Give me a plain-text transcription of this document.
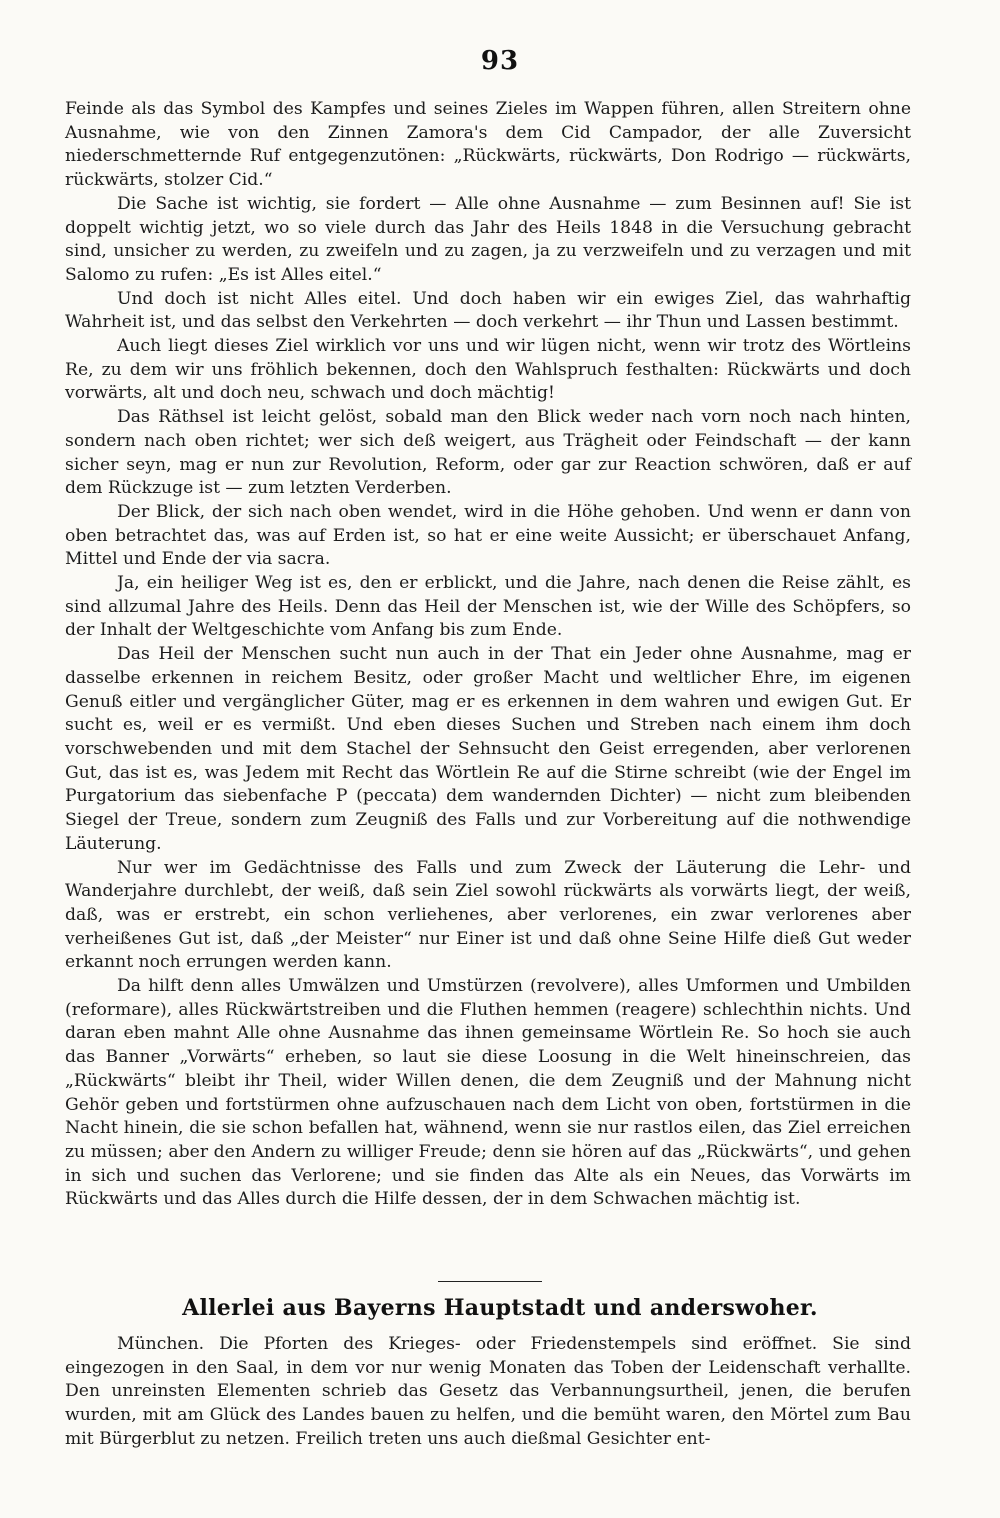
93

Feinde als das Symbol des Kampfes und seines Zieles im Wappen führen, allen Streitern ohne Ausnahme, wie von den Zinnen Zamora's dem Cid Campador, der alle Zuversicht niederschmetternde Ruf entgegenzutönen: „Rückwärts, rückwärts, Don Rodrigo — rückwärts, rückwärts, stolzer Cid.“

Die Sache ist wichtig, sie fordert — Alle ohne Ausnahme — zum Besinnen auf! Sie ist doppelt wichtig jetzt, wo so viele durch das Jahr des Heils 1848 in die Versuchung gebracht sind, unsicher zu werden, zu zweifeln und zu zagen, ja zu verzweifeln und zu verzagen und mit Salomo zu rufen: „Es ist Alles eitel.“

Und doch ist nicht Alles eitel. Und doch haben wir ein ewiges Ziel, das wahrhaftig Wahrheit ist, und das selbst den Verkehrten — doch verkehrt — ihr Thun und Lassen bestimmt.

Auch liegt dieses Ziel wirklich vor uns und wir lügen nicht, wenn wir trotz des Wörtleins Re, zu dem wir uns fröhlich bekennen, doch den Wahlspruch festhalten: Rückwärts und doch vorwärts, alt und doch neu, schwach und doch mächtig!

Das Räthsel ist leicht gelöst, sobald man den Blick weder nach vorn noch nach hinten, sondern nach oben richtet; wer sich deß weigert, aus Trägheit oder Feindschaft — der kann sicher seyn, mag er nun zur Revolution, Reform, oder gar zur Reaction schwören, daß er auf dem Rückzuge ist — zum letzten Verderben.

Der Blick, der sich nach oben wendet, wird in die Höhe gehoben. Und wenn er dann von oben betrachtet das, was auf Erden ist, so hat er eine weite Aussicht; er überschauet Anfang, Mittel und Ende der via sacra.

Ja, ein heiliger Weg ist es, den er erblickt, und die Jahre, nach denen die Reise zählt, es sind allzumal Jahre des Heils. Denn das Heil der Menschen ist, wie der Wille des Schöpfers, so der Inhalt der Weltgeschichte vom Anfang bis zum Ende.

Das Heil der Menschen sucht nun auch in der That ein Jeder ohne Ausnahme, mag er dasselbe erkennen in reichem Besitz, oder großer Macht und weltlicher Ehre, im eigenen Genuß eitler und vergänglicher Güter, mag er es erkennen in dem wahren und ewigen Gut. Er sucht es, weil er es vermißt. Und eben dieses Suchen und Streben nach einem ihm doch vorschwebenden und mit dem Stachel der Sehnsucht den Geist erregenden, aber verlorenen Gut, das ist es, was Jedem mit Recht das Wörtlein Re auf die Stirne schreibt (wie der Engel im Purgatorium das siebenfache P (peccata) dem wandernden Dichter) — nicht zum bleibenden Siegel der Treue, sondern zum Zeugniß des Falls und zur Vorbereitung auf die nothwendige Läuterung.

Nur wer im Gedächtnisse des Falls und zum Zweck der Läuterung die Lehr- und Wanderjahre durchlebt, der weiß, daß sein Ziel sowohl rückwärts als vorwärts liegt, der weiß, daß, was er erstrebt, ein schon verliehenes, aber verlorenes, ein zwar verlorenes aber verheißenes Gut ist, daß „der Meister“ nur Einer ist und daß ohne Seine Hilfe dieß Gut weder erkannt noch errungen werden kann.

Da hilft denn alles Umwälzen und Umstürzen (revolvere), alles Umformen und Umbilden (reformare), alles Rückwärtstreiben und die Fluthen hemmen (reagere) schlechthin nichts. Und daran eben mahnt Alle ohne Ausnahme das ihnen gemeinsame Wörtlein Re. So hoch sie auch das Banner „Vorwärts“ erheben, so laut sie diese Loosung in die Welt hineinschreien, das „Rückwärts“ bleibt ihr Theil, wider Willen denen, die dem Zeugniß und der Mahnung nicht Gehör geben und fortstürmen ohne aufzuschauen nach dem Licht von oben, fortstürmen in die Nacht hinein, die sie schon befallen hat, wähnend, wenn sie nur rastlos eilen, das Ziel erreichen zu müssen; aber den Andern zu williger Freude; denn sie hören auf das „Rückwärts“, und gehen in sich und suchen das Verlorene; und sie finden das Alte als ein Neues, das Vorwärts im Rückwärts und das Alles durch die Hilfe dessen, der in dem Schwachen mächtig ist.

Allerlei aus Bayerns Hauptstadt und anderswoher.

München. Die Pforten des Krieges- oder Friedenstempels sind eröffnet. Sie sind eingezogen in den Saal, in dem vor nur wenig Monaten das Toben der Leidenschaft verhallte. Den unreinsten Elementen schrieb das Gesetz das Verbannungsurtheil, jenen, die berufen wurden, mit am Glück des Landes bauen zu helfen, und die bemüht waren, den Mörtel zum Bau mit Bürgerblut zu netzen. Freilich treten uns auch dießmal Gesichter ent-
